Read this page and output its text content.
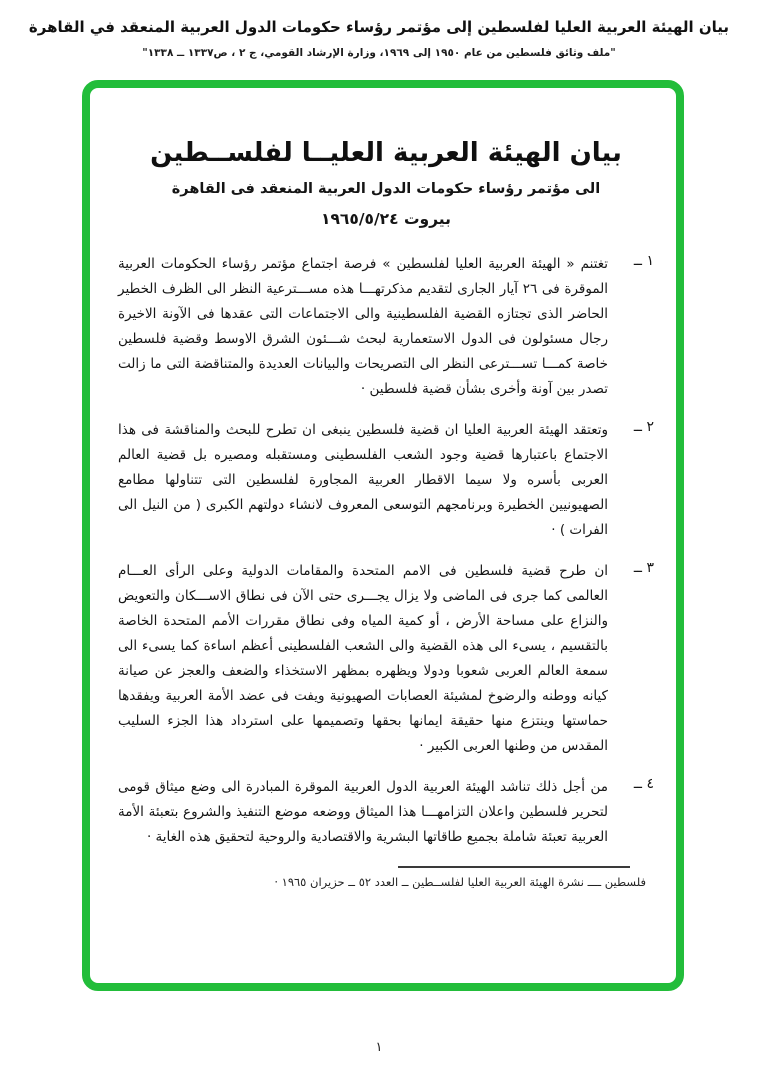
بيان الهيئة العربية العليا لفلسطين إلى مؤتمر رؤساء حكومات الدول العربية المنعقد في القاهرة
"ملف وثائق فلسطين من عام ١٩٥٠ إلى ١٩٦٩، وزارة الإرشاد القومي، ج ٢ ، ص١٣٣٧ ــ ١٣٣٨"
بيان الهيئة العربية العليــا لفلســطين
الى مؤتمر رؤساء حكومات الدول العربية المنعقد فى القاهرة
بيروت ١٩٦٥/٥/٢٤
١ ــ
تغتنم « الهيئة العربية العليا لفلسطين » فرصة اجتماع مؤتمر رؤساء الحكومات العربية الموقرة فى ٢٦ آيار الجارى لتقديم مذكرتهـــا هذه مســـترعية النظر الى الظرف الخطير الحاضر الذى تجتازه القضية الفلسطينية والى الاجتماعات التى عقدها فى الآونة الاخيرة رجال مسئولون فى الدول الاستعمارية لبحث شـــئون الشرق الاوسط وقضية فلسطين خاصة كمـــا تســـترعى النظر الى التصريحات والبيانات العديدة والمتناقضة التى ما زالت تصدر بين آونة وأخرى بشأن قضية فلسطين ·
٢ ــ
وتعتقد الهيئة العربية العليا ان قضية فلسطين ينبغى ان تطرح للبحث والمناقشة فى هذا الاجتماع باعتبارها قضية وجود الشعب الفلسطينى ومستقبله ومصيره بل قضية العالم العربى بأسره ولا سيما الاقطار العربية المجاورة لفلسطين التى تتناولها مطامع الصهيونيين الخطيرة وبرنامجهم التوسعى المعروف لانشاء دولتهم الكبرى ( من النيل الى الفرات ) ·
٣ ــ
ان طرح قضية فلسطين فى الامم المتحدة والمقامات الدولية وعلى الرأى العـــام العالمى كما جرى فى الماضى ولا يزال يجـــرى حتى الآن فى نطاق الاســـكان والتعويض والنزاع على مساحة الأرض ، أو كمية المياه وفى نطاق مقررات الأمم المتحدة الخاصة بالتقسيم ، يسىء الى هذه القضية والى الشعب الفلسطينى أعظم اساءة كما يسىء الى سمعة العالم العربى شعوبا ودولا ويظهره بمظهر الاستخذاء والضعف والعجز عن صيانة كيانه ووطنه والرضوخ لمشيئة العصابات الصهيونية ويفت فى عضد الأمة العربية ويفقدها حماستها وينتزع منها حقيقة ايمانها بحقها وتصميمها على استرداد هذا الجزء السليب المقدس من وطنها العربى الكبير ·
٤ ــ
من أجل ذلك تناشد الهيئة العربية الدول العربية الموقرة المبادرة الى وضع ميثاق قومى لتحرير فلسطين واعلان التزامهـــا هذا الميثاق ووضعه موضع التنفيذ والشروع بتعبئة الأمة العربية تعبئة شاملة بجميع طاقاتها البشرية والاقتصادية والروحية لتحقيق هذه الغاية ·
فلسطين ــــ نشرة الهيئة العربية العليا لفلســطين ــ العدد ٥٢ ــ حزيران ١٩٦٥ ·
١
